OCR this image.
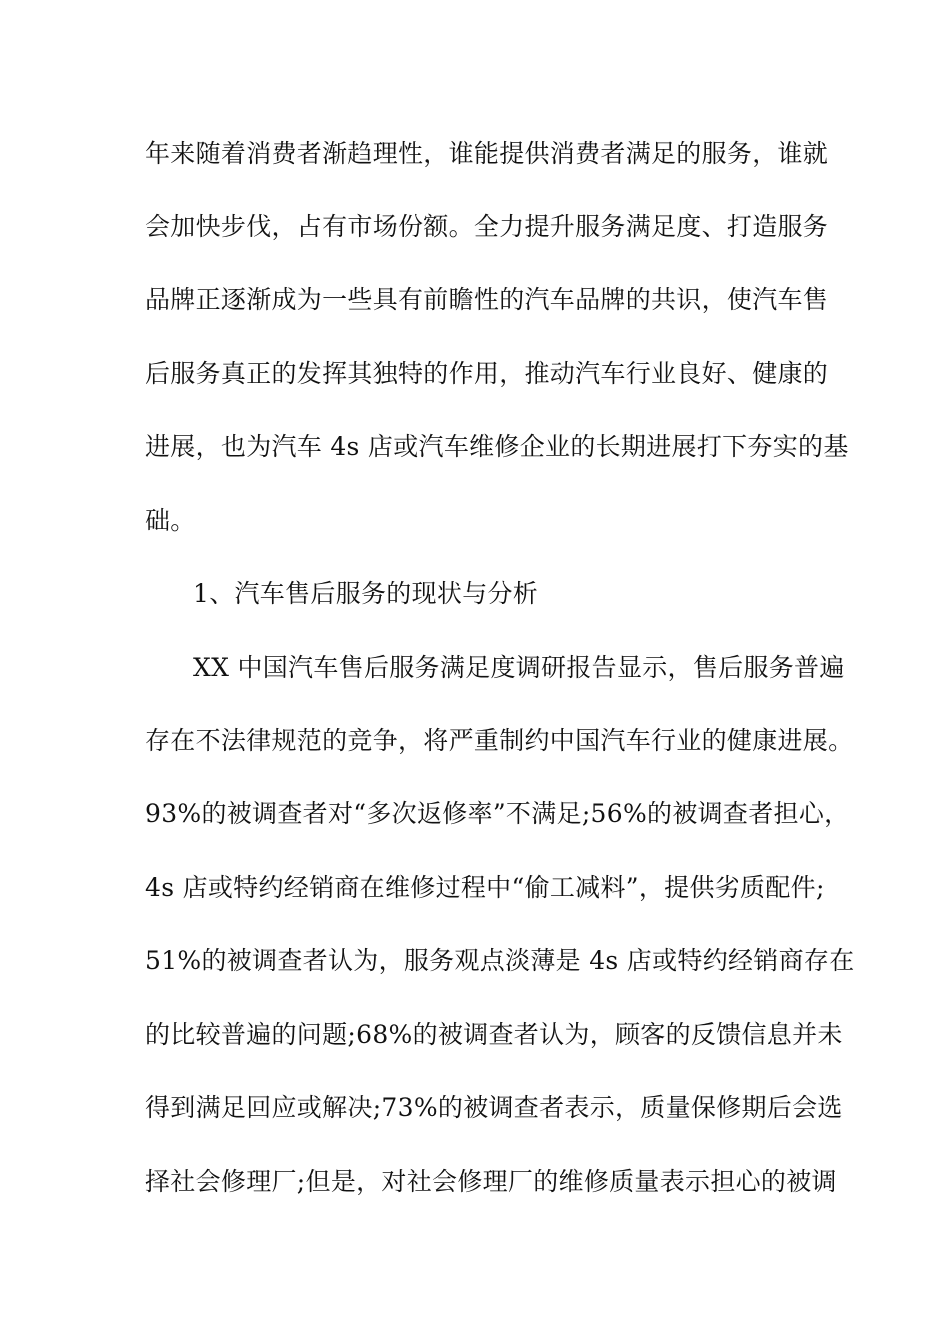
年来随着消费者渐趋理性，谁能提供消费者满足的服务，谁就
会加快步伐，占有市场份额。全力提升服务满足度、打造服务
品牌正逐渐成为一些具有前瞻性的汽车品牌的共识，使汽车售
后服务真正的发挥其独特的作用，推动汽车行业良好、健康的
进展，也为汽车 4s 店或汽车维修企业的长期进展打下夯实的基
础。
1、汽车售后服务的现状与分析
XX 中国汽车售后服务满足度调研报告显示，售后服务普遍
存在不法律规范的竞争，将严重制约中国汽车行业的健康进展。
93%的被调查者对“多次返修率”不满足;56%的被调查者担心，
4s 店或特约经销商在维修过程中“偷工减料”，提供劣质配件;
51%的被调查者认为，服务观点淡薄是 4s 店或特约经销商存在
的比较普遍的问题;68%的被调查者认为，顾客的反馈信息并未
得到满足回应或解决;73%的被调查者表示，质量保修期后会选
择社会修理厂;但是，对社会修理厂的维修质量表示担心的被调
